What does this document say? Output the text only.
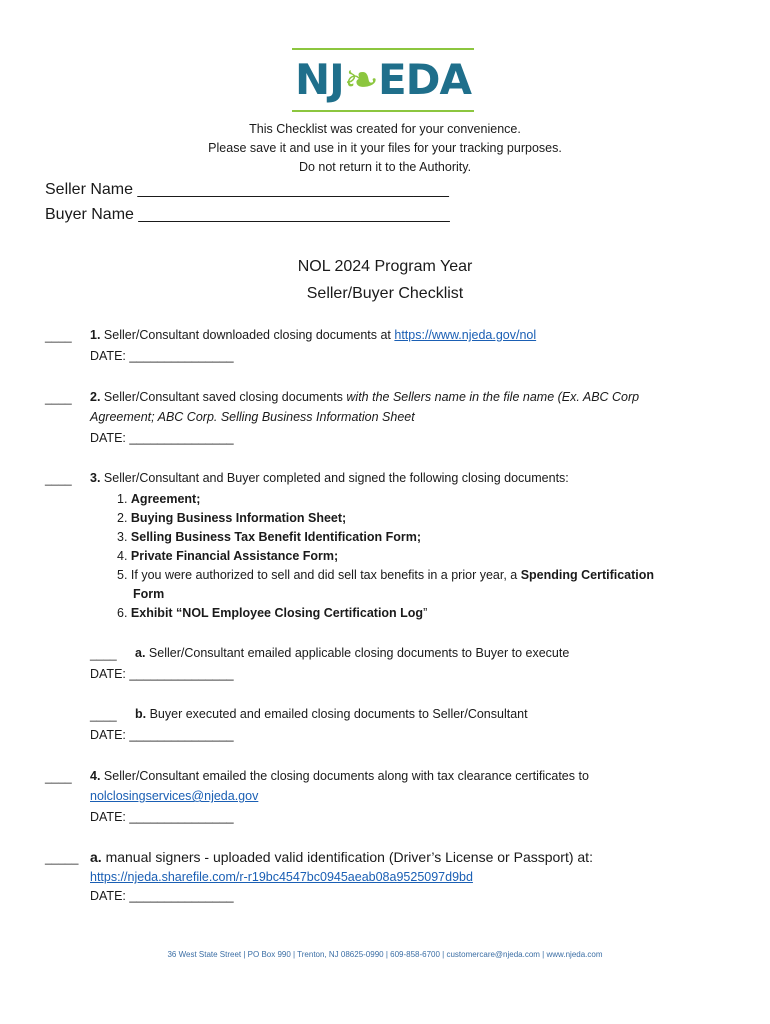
NJ❧EDA
This Checklist was created for your convenience.
Please save it and use in it your files for your tracking purposes.
Do not return it to the Authority.
Seller Name ___________________________________
Buyer Name ___________________________________
NOL 2024 Program Year
Seller/Buyer Checklist
____ 1. Seller/Consultant downloaded closing documents at https://www.njeda.gov/nol
DATE: _______________
____ 2. Seller/Consultant saved closing documents with the Sellers name in the file name (Ex. ABC Corp
Agreement; ABC Corp. Selling Business Information Sheet
DATE: _______________
____ 3. Seller/Consultant and Buyer completed and signed the following closing documents:
1. Agreement;
2. Buying Business Information Sheet;
3. Selling Business Tax Benefit Identification Form;
4. Private Financial Assistance Form;
5. If you were authorized to sell and did sell tax benefits in a prior year, a Spending Certification
Form
6. Exhibit “NOL Employee Closing Certification Log”
____ a. Seller/Consultant emailed applicable closing documents to Buyer to execute
DATE: _______________
____ b. Buyer executed and emailed closing documents to Seller/Consultant
DATE: _______________
____ 4. Seller/Consultant emailed the closing documents along with tax clearance certificates to
nolclosingservices@njeda.gov
DATE: _______________
_____ a. manual signers - uploaded valid identification (Driver’s License or Passport) at:
https://njeda.sharefile.com/r-r19bc4547bc0945aeab08a9525097d9bd
DATE: _______________
36 West State Street | PO Box 990 | Trenton, NJ 08625-0990 | 609-858-6700 | customercare@njeda.com | www.njeda.com
